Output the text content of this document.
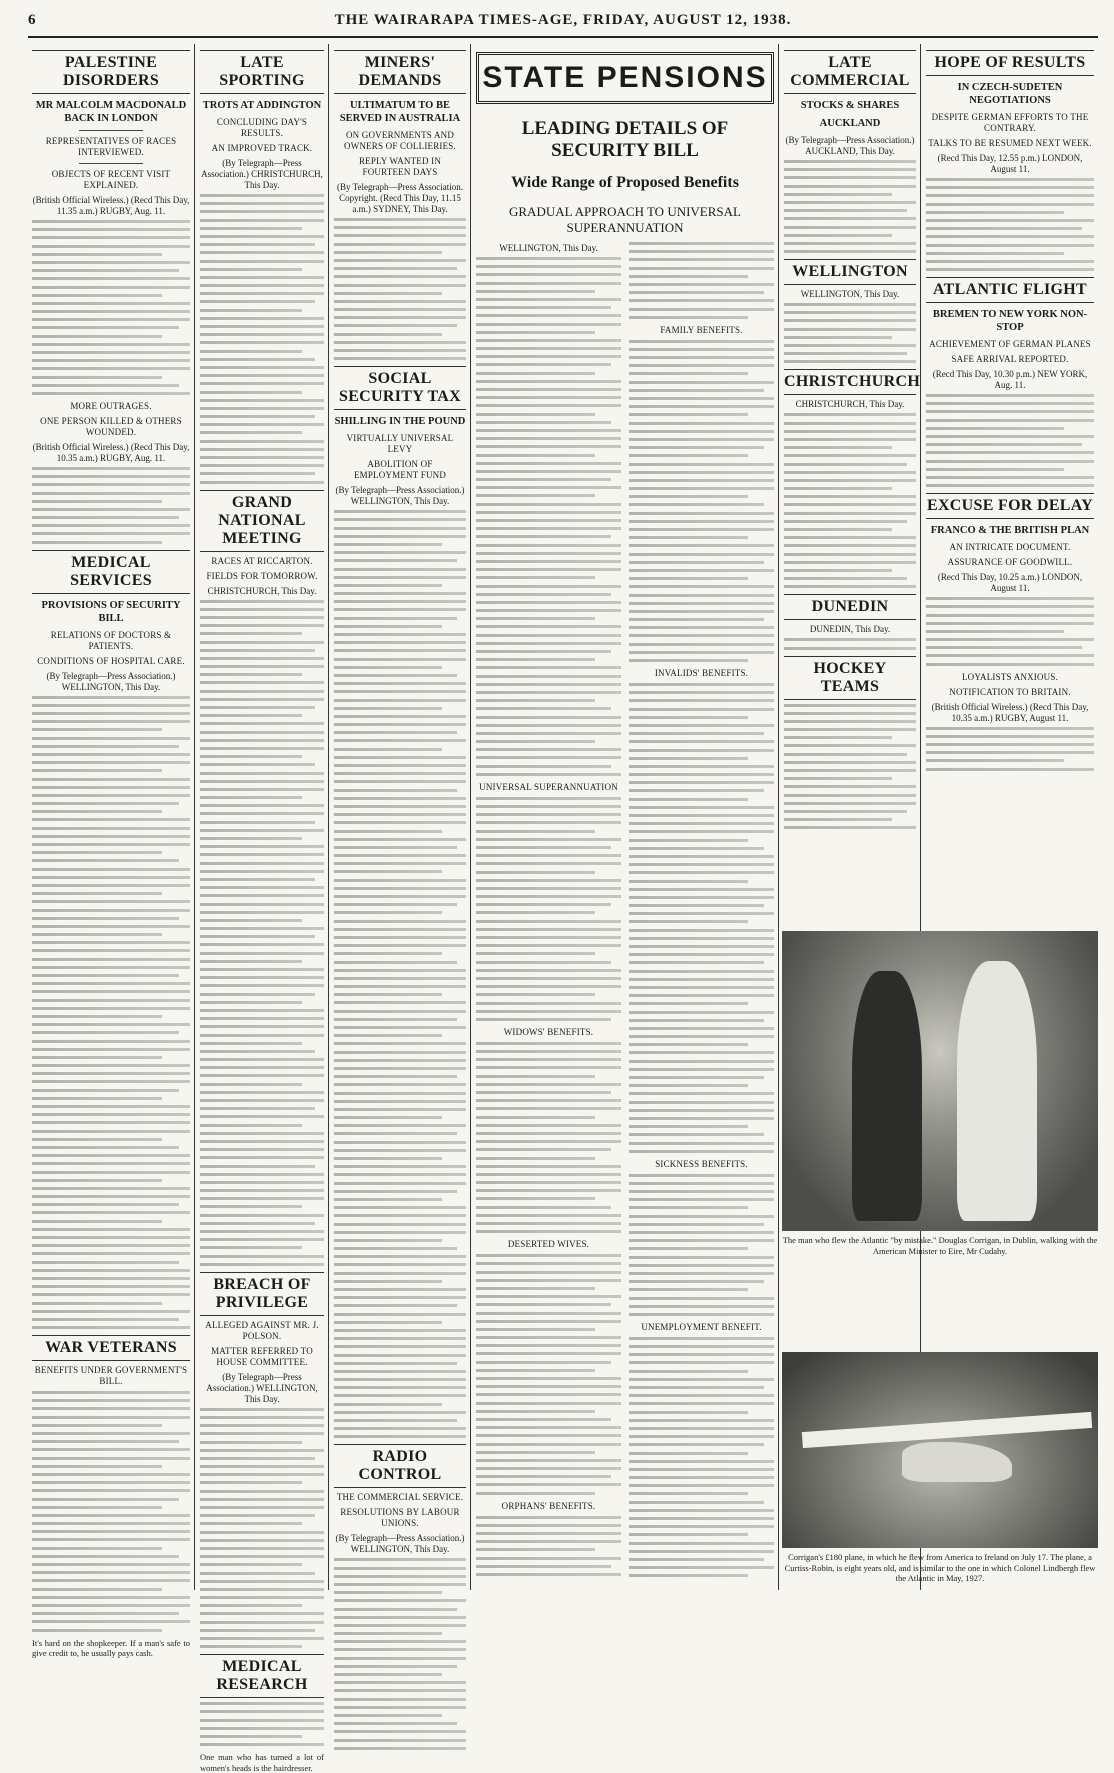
6	THE WAIRARAPA TIMES-AGE, FRIDAY, AUGUST 12, 1938.
PALESTINE DISORDERS
MR MALCOLM MACDONALD BACK IN LONDON
REPRESENTATIVES OF RACES INTERVIEWED.
OBJECTS OF RECENT VISIT EXPLAINED.
(British Official Wireless.) (Recd This Day, 11.35 a.m.) RUGBY, Aug. 11.
MORE OUTRAGES.
ONE PERSON KILLED & OTHERS WOUNDED.
(British Official Wireless.) (Recd This Day, 10.35 a.m.) RUGBY, Aug. 11.
MEDICAL SERVICES
PROVISIONS OF SECURITY BILL
RELATIONS OF DOCTORS & PATIENTS.
CONDITIONS OF HOSPITAL CARE.
(By Telegraph—Press Association.) WELLINGTON, This Day.
WAR VETERANS
BENEFITS UNDER GOVERNMENT'S BILL.
It's hard on the shopkeeper. If a man's safe to give credit to, he usually pays cash.
LATE SPORTING
TROTS AT ADDINGTON
CONCLUDING DAY'S RESULTS.
AN IMPROVED TRACK.
(By Telegraph—Press Association.) CHRISTCHURCH, This Day.
GRAND NATIONAL MEETING
RACES AT RICCARTON.
FIELDS FOR TOMORROW.
CHRISTCHURCH, This Day.
BREACH OF PRIVILEGE
ALLEGED AGAINST MR. J. POLSON.
MATTER REFERRED TO HOUSE COMMITTEE.
(By Telegraph—Press Association.) WELLINGTON, This Day.
MEDICAL RESEARCH
One man who has turned a lot of women's heads is the hairdresser.
MINERS' DEMANDS
ULTIMATUM TO BE SERVED IN AUSTRALIA
ON GOVERNMENTS AND OWNERS OF COLLIERIES.
REPLY WANTED IN FOURTEEN DAYS
(By Telegraph—Press Association. Copyright. (Recd This Day, 11.15 a.m.) SYDNEY, This Day.
SOCIAL SECURITY TAX
SHILLING IN THE POUND
VIRTUALLY UNIVERSAL LEVY
ABOLITION OF EMPLOYMENT FUND
(By Telegraph—Press Association.) WELLINGTON, This Day.
RADIO CONTROL
THE COMMERCIAL SERVICE.
RESOLUTIONS BY LABOUR UNIONS.
(By Telegraph—Press Association.) WELLINGTON, This Day.
STATE PENSIONS
LEADING DETAILS OF SECURITY BILL
Wide Range of Proposed Benefits
GRADUAL APPROACH TO UNIVERSAL SUPERANNUATION
WELLINGTON, This Day.
UNIVERSAL SUPERANNUATION
WIDOWS' BENEFITS.
DESERTED WIVES.
ORPHANS' BENEFITS.
FAMILY BENEFITS.
INVALIDS' BENEFITS.
SICKNESS BENEFITS.
UNEMPLOYMENT BENEFIT.
LATE COMMERCIAL
STOCKS & SHARES
AUCKLAND
(By Telegraph—Press Association.) AUCKLAND, This Day.
WELLINGTON
WELLINGTON, This Day.
CHRISTCHURCH
CHRISTCHURCH, This Day.
DUNEDIN
DUNEDIN, This Day.
HOCKEY TEAMS
HOPE OF RESULTS
IN CZECH-SUDETEN NEGOTIATIONS
DESPITE GERMAN EFFORTS TO THE CONTRARY.
TALKS TO BE RESUMED NEXT WEEK.
(Recd This Day, 12.55 p.m.) LONDON, August 11.
ATLANTIC FLIGHT
BREMEN TO NEW YORK NON-STOP
ACHIEVEMENT OF GERMAN PLANES
SAFE ARRIVAL REPORTED.
(Recd This Day, 10.30 p.m.) NEW YORK, Aug. 11.
EXCUSE FOR DELAY
FRANCO & THE BRITISH PLAN
AN INTRICATE DOCUMENT.
ASSURANCE OF GOODWILL.
(Recd This Day, 10.25 a.m.) LONDON, August 11.
LOYALISTS ANXIOUS.
NOTIFICATION TO BRITAIN.
(British Official Wireless.) (Recd This Day, 10.35 a.m.) RUGBY, August 11.
The man who flew the Atlantic "by mistake." Douglas Corrigan, in Dublin, walking with the American Minister to Eire, Mr Cudahy.
Corrigan's £180 plane, in which he flew from America to Ireland on July 17. The plane, a Curtiss-Robin, is eight years old, and is similar to the one in which Colonel Lindbergh flew the Atlantic in May, 1927.
